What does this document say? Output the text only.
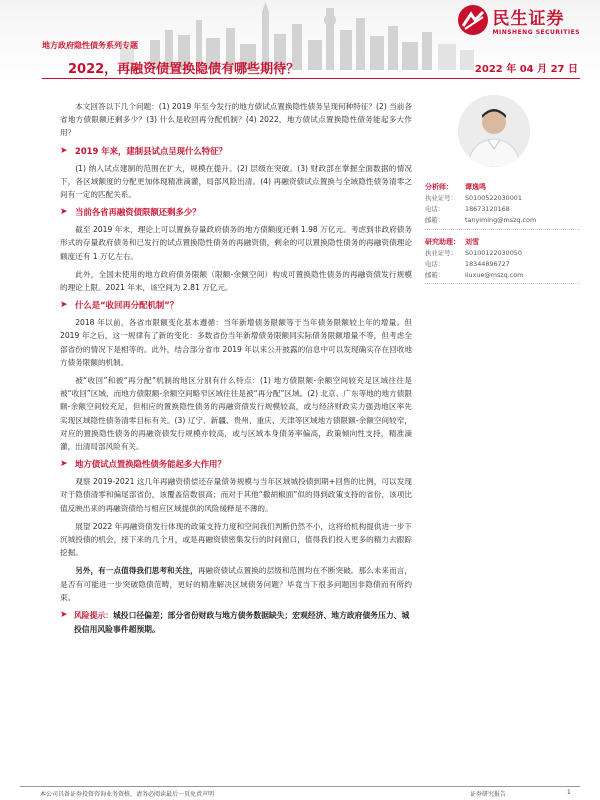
民生证券
MINSHENG SECURITIES
地方政府隐性债务系列专题
2022，再融资债置换隐债有哪些期待？	2022 年 04 月 27 日

本文回答以下几个问题：(1) 2019 年至今发行的地方债试点置换隐性债务呈现何种特征？(2) 当前各省地方债限额还剩多少？(3) 什么是收回再分配机制？(4) 2022，地方债试点置换隐性债务能起多大作用？

➤ 2019 年来，建制县试点呈现什么特征？

(1) 纳入试点建制的范围在扩大，规模在提升。(2) 层级在突破。(3) 财政部在掌握全面数据的情况下，各区域额度的分配更加体现精准滴灌，局部风险出清。(4) 再融资债试点置换与全域隐性债务清零之间有一定的匹配关系。

➤ 当前各省再融资债限额还剩多少？

截至 2019 年末，理论上可以置换存量政府债务的地方债额度还剩 1.98 万亿元。考虑到非政府债务形式的存量政府债务和已发行的试点置换隐性债务的再融资债，剩余的可以置换隐性债务的再融资债理论额度还有 1 万亿左右。

此外，全国未使用的地方政府债务限额（限额-余额空间）构成可置换隐性债务的再融资债发行规模的理论上限。2021 年末，该空间为 2.81 万亿元。

➤ 什么是“收回再分配机制”？

2018 年以前，各省市限额变化基本遵循：当年新增债务限额等于当年债务限额较上年的增量。但 2019 年之后，这一规律有了新的变化：多数省份当年新增债务限额同实际债务限额增量不等，但考虑全部省份的情况下是相等的。此外，结合部分省市 2019 年以来公开披露的信息中可以发现确实存在回收地方债务限额的机制。

被“收回”和被“再分配”机制的地区分别有什么特点：(1) 地方债限额-余额空间较充足区域往往是被“收回”区域，而地方债限额-余额空间略窄区域往往是被“再分配”区域。(2) 北京、广东等地的地方债限额-余额空间较充足，但相应的置换隐性债务的再融资债发行规模较高，或与经济财政实力强劲地区率先实现区域隐性债务清零目标有关。(3) 辽宁、新疆、贵州、重庆、天津等区域地方债限额-余额空间较窄，对应的置换隐性债务的再融资债发行规模亦较高，或与区域本身债务率偏高，政策倾向性支持，精准滴灌，出清局部风险有关。

➤ 地方债试点置换隐性债务能起多大作用？

观察 2019-2021 这几年再融资债偿还存量债务规模与当年区域城投债到期+回售的比例，可以发现对于隐债清零和偏尾部省份，该覆盖倍数很高；而对于其他“撒胡椒面”似的得到政策支持的省份，该项比值反映出来的再融资债给与相应区域提供的风险缓释是不薄的。

展望 2022 年再融资债发行体现的政策支持力度和空间我们判断仍然不小，这将给机构提供进一步下沉城投债的机会，接下来的几个月，或是再融资债密集发行的时间窗口，值得我们投入更多的精力去跟踪挖掘。

另外，有一点值得我们思考和关注，再融资债试点置换的层级和范围均在不断突破。那么未来而言，是否有可能进一步突破隐债范畴，更好的精准解决区域债务问题？毕竟当下很多问题因非隐债而有所约束。

➤ 风险提示：城投口径偏差；部分省份财政与地方债务数据缺失；宏观经济、地方政府债务压力、城投信用风险事件超预期。
分析师：	谭逸鸣
执业证号：	S0100522030001
电话：	18673120168
邮箱：	tanyiming@mszq.com
研究助理： 刘雪
执业证号：	S0100122030050
电话：	18344896727
邮箱：	liuxue@mszq.com
本公司具备证券投资咨询业务资格，请务必阅读最后一页免责声明	证券研究报告	1
